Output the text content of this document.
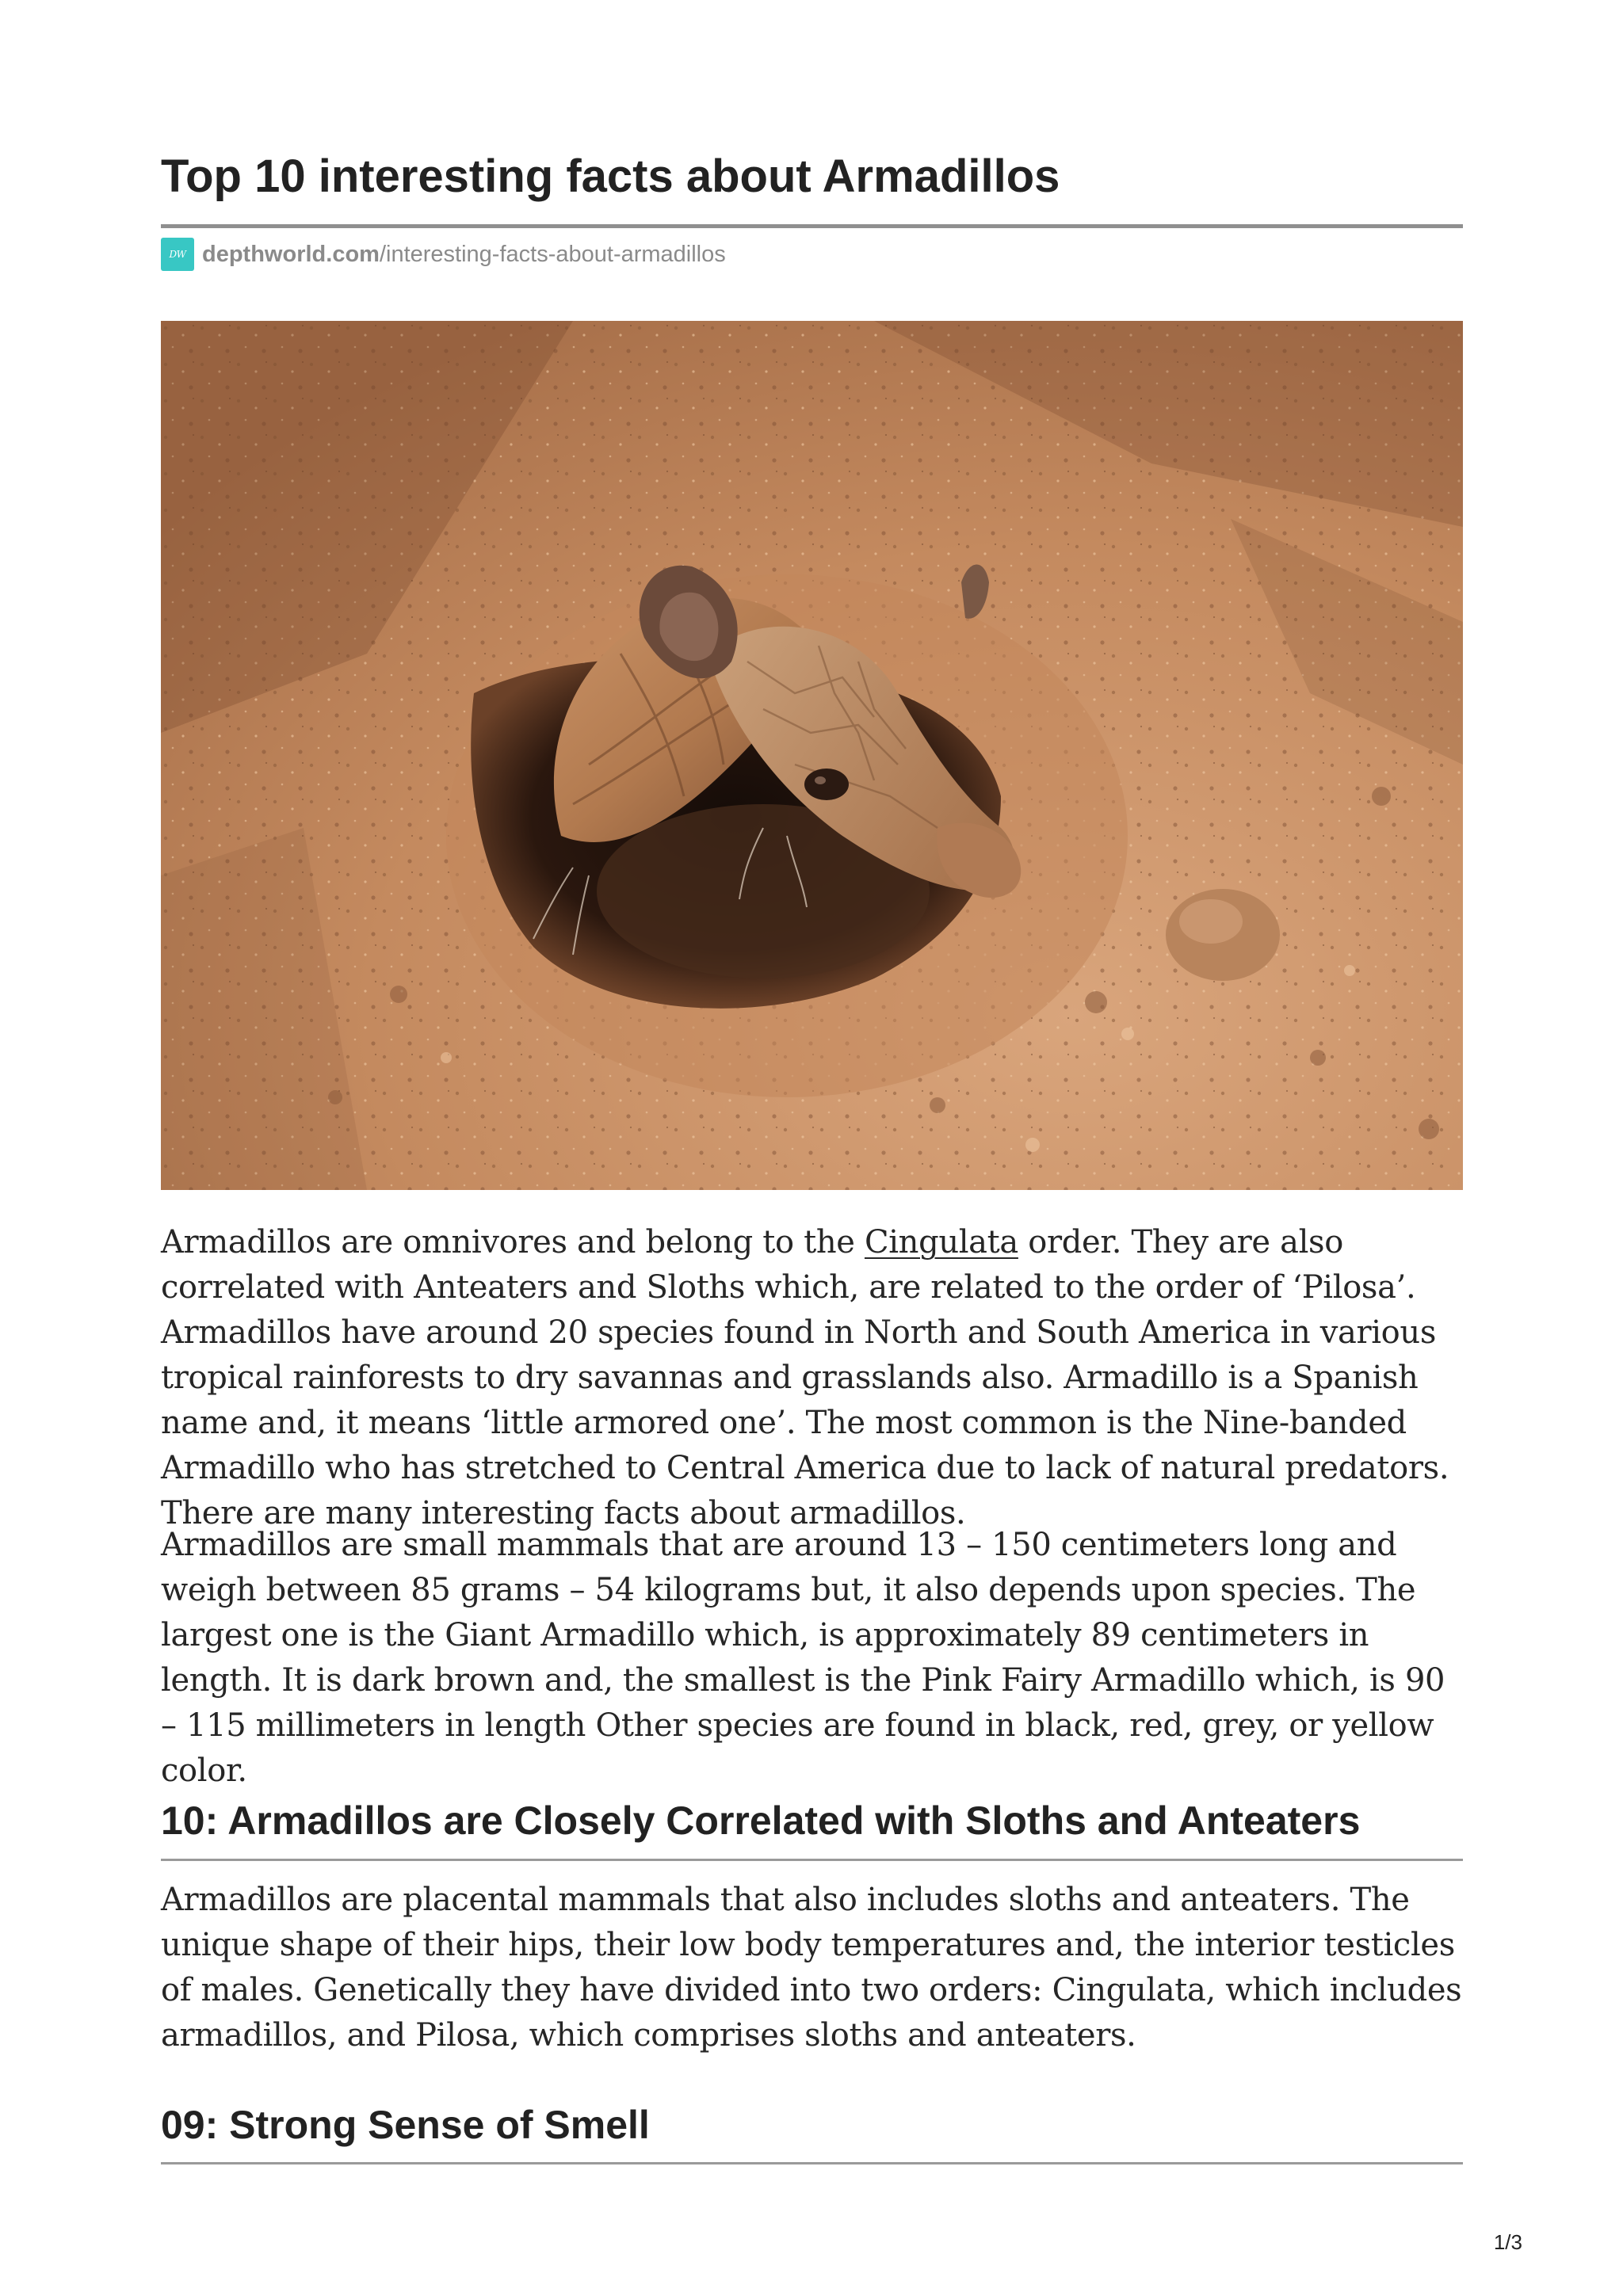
Top 10 interesting facts about Armadillos
DW depthworld.com /interesting-facts-about-armadillos

Armadillos are omnivores and belong to the Cingulata order. They are also correlated with Anteaters and Sloths which, are related to the order of ‘Pilosa’. Armadillos have around 20 species found in North and South America in various tropical rainforests to dry savannas and grasslands also. Armadillo is a Spanish name and, it means ‘little armored one’. The most common is the Nine-banded Armadillo who has stretched to Central America due to lack of natural predators. There are many interesting facts about armadillos.

Armadillos are small mammals that are around 13 – 150 centimeters long and weigh between 85 grams – 54 kilograms but, it also depends upon species. The largest one is the Giant Armadillo which, is approximately 89 centimeters in length. It is dark brown and, the smallest is the Pink Fairy Armadillo which, is 90 – 115 millimeters in length Other species are found in black, red, grey, or yellow color.

10: Armadillos are Closely Correlated with Sloths and Anteaters

Armadillos are placental mammals that also includes sloths and anteaters. The unique shape of their hips, their low body temperatures and, the interior testicles of males. Genetically they have divided into two orders: Cingulata, which includes armadillos, and Pilosa, which comprises sloths and anteaters.

09: Strong Sense of Smell
1/3
